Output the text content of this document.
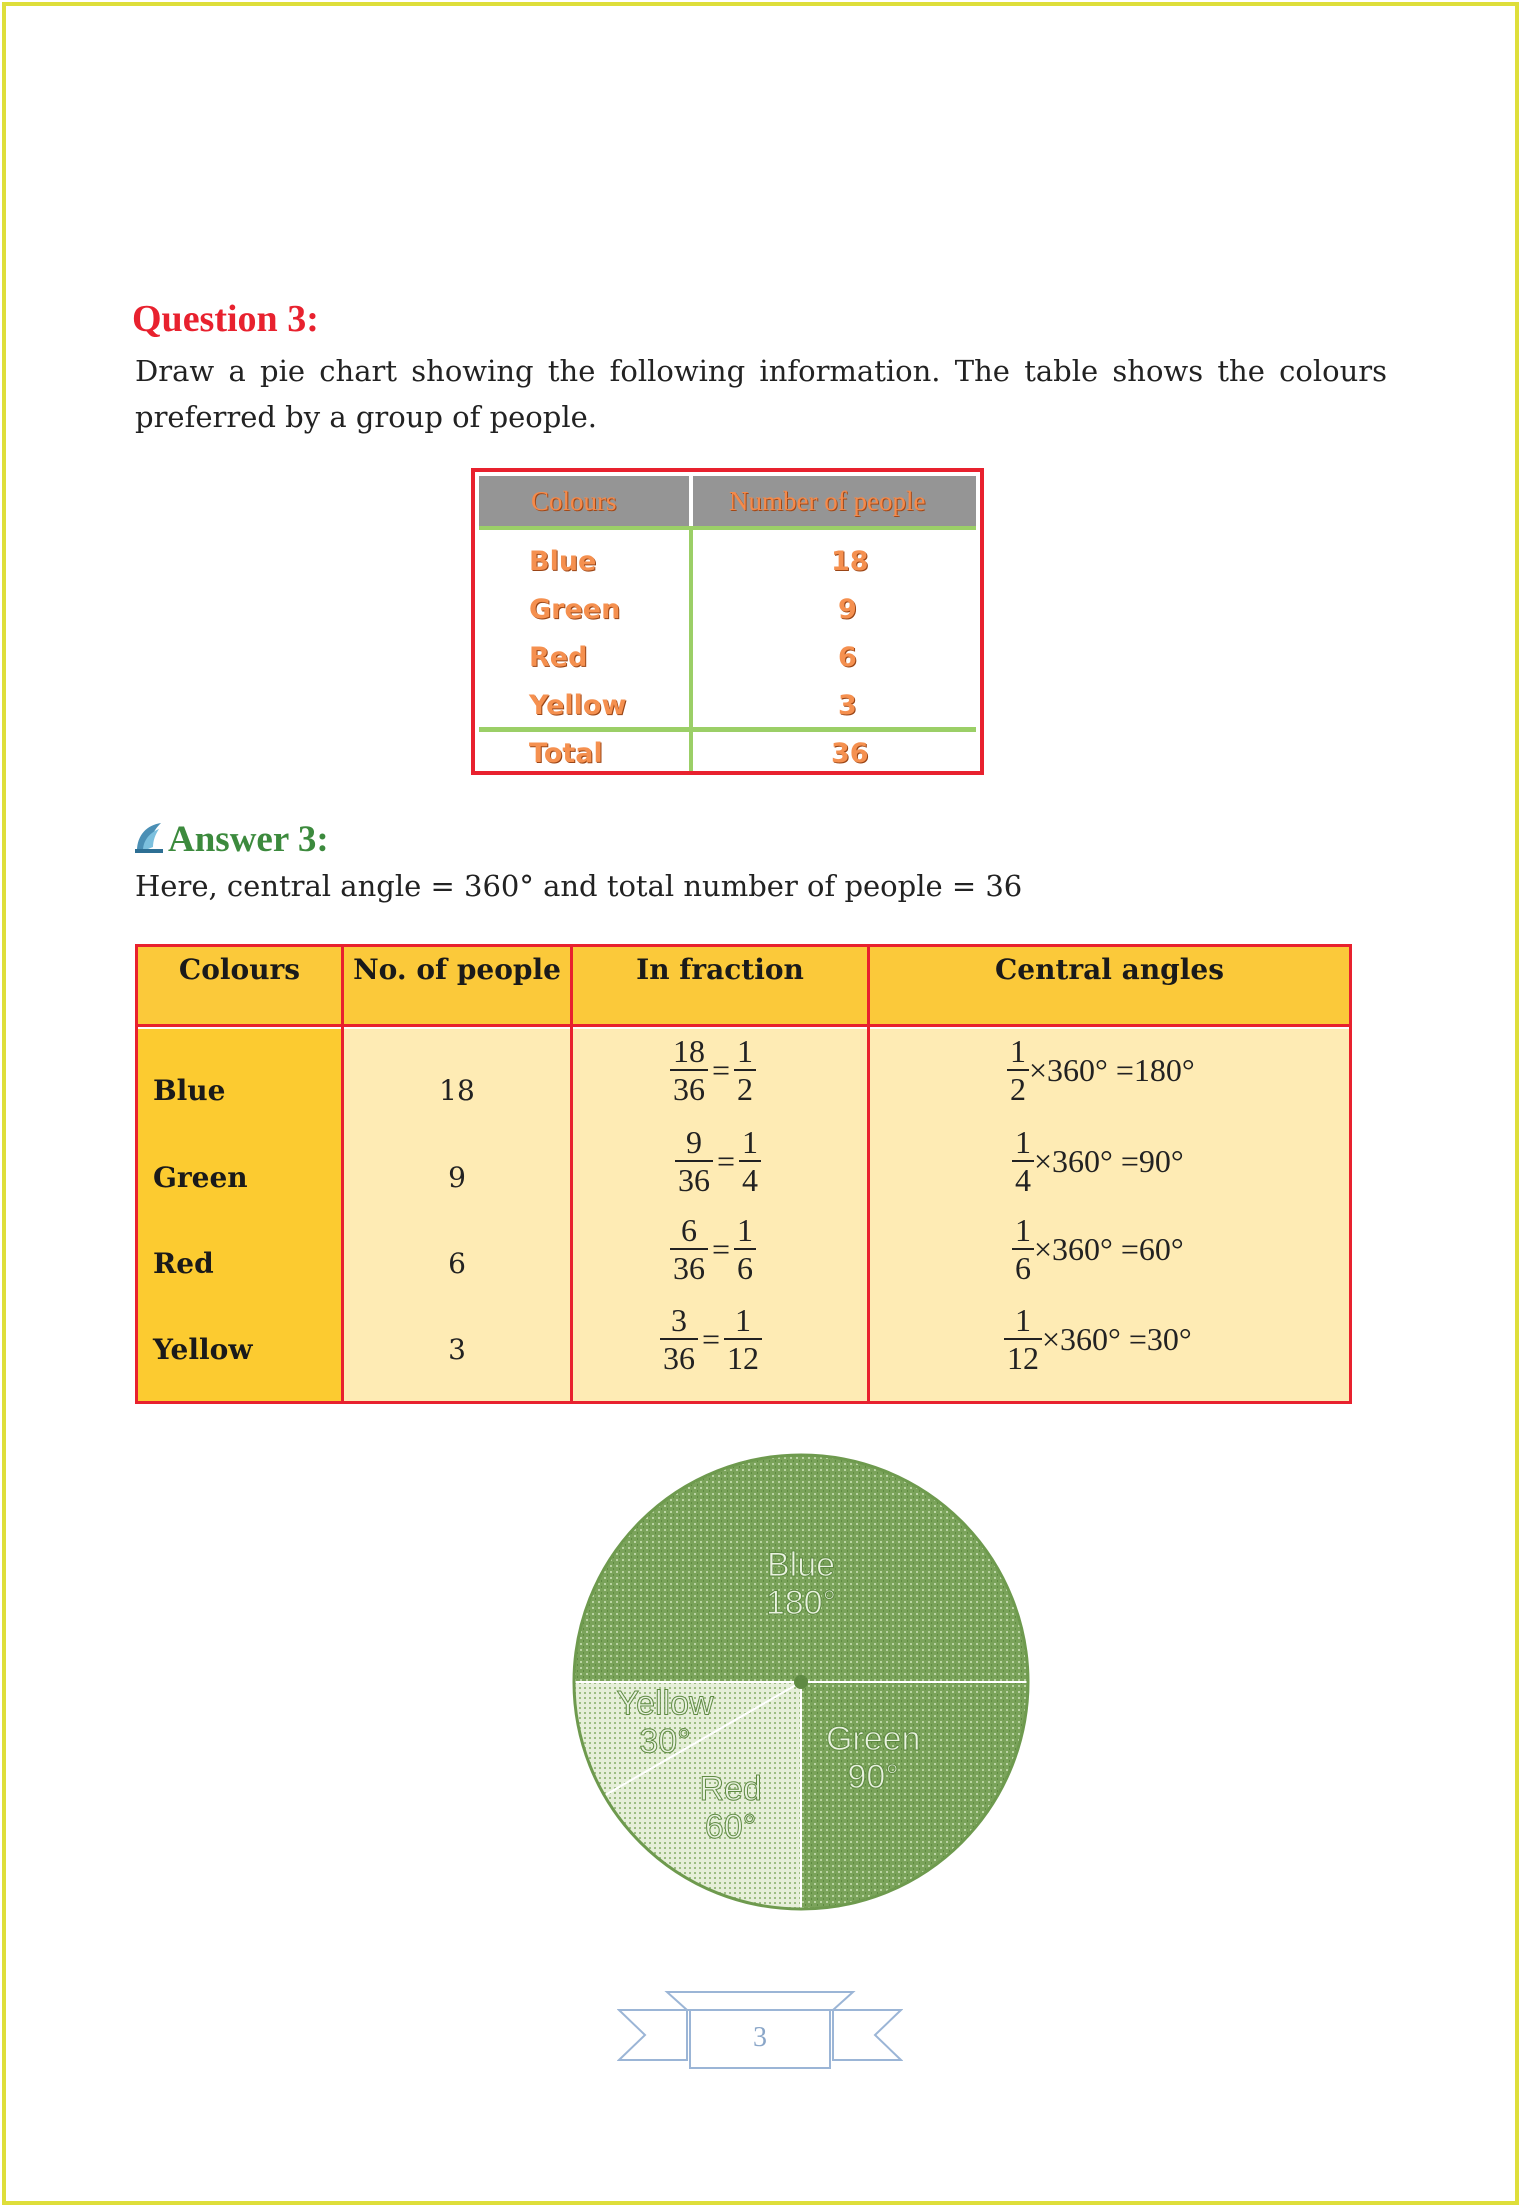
Question 3:
Draw a pie chart showing the following information. The table shows the colours preferred by a group of people.
Colours	Number of people
Blue	18
Green	9
Red	6
Yellow	3
Total	36
Answer 3:
Here, central angle = 360° and total number of people = 36
Colours	No. of people	In fraction	Central angles
Blue	18	$\frac{18}{36} = \frac{1}{2}$	$\frac{1}{2} \times 360^\circ = 180^\circ$
Green	9	$\frac{9}{36} = \frac{1}{4}$	$\frac{1}{4} \times 360^\circ = 90^\circ$
Red	6	$\frac{6}{36} = \frac{1}{6}$	$\frac{1}{6} \times 360^\circ = 60^\circ$
Yellow	3	$\frac{3}{36} = \frac{1}{12}$	$\frac{1}{12} \times 360^\circ = 30^\circ$
Blue
180°
Green
90°
Red
60°
Yellow
30°
3
